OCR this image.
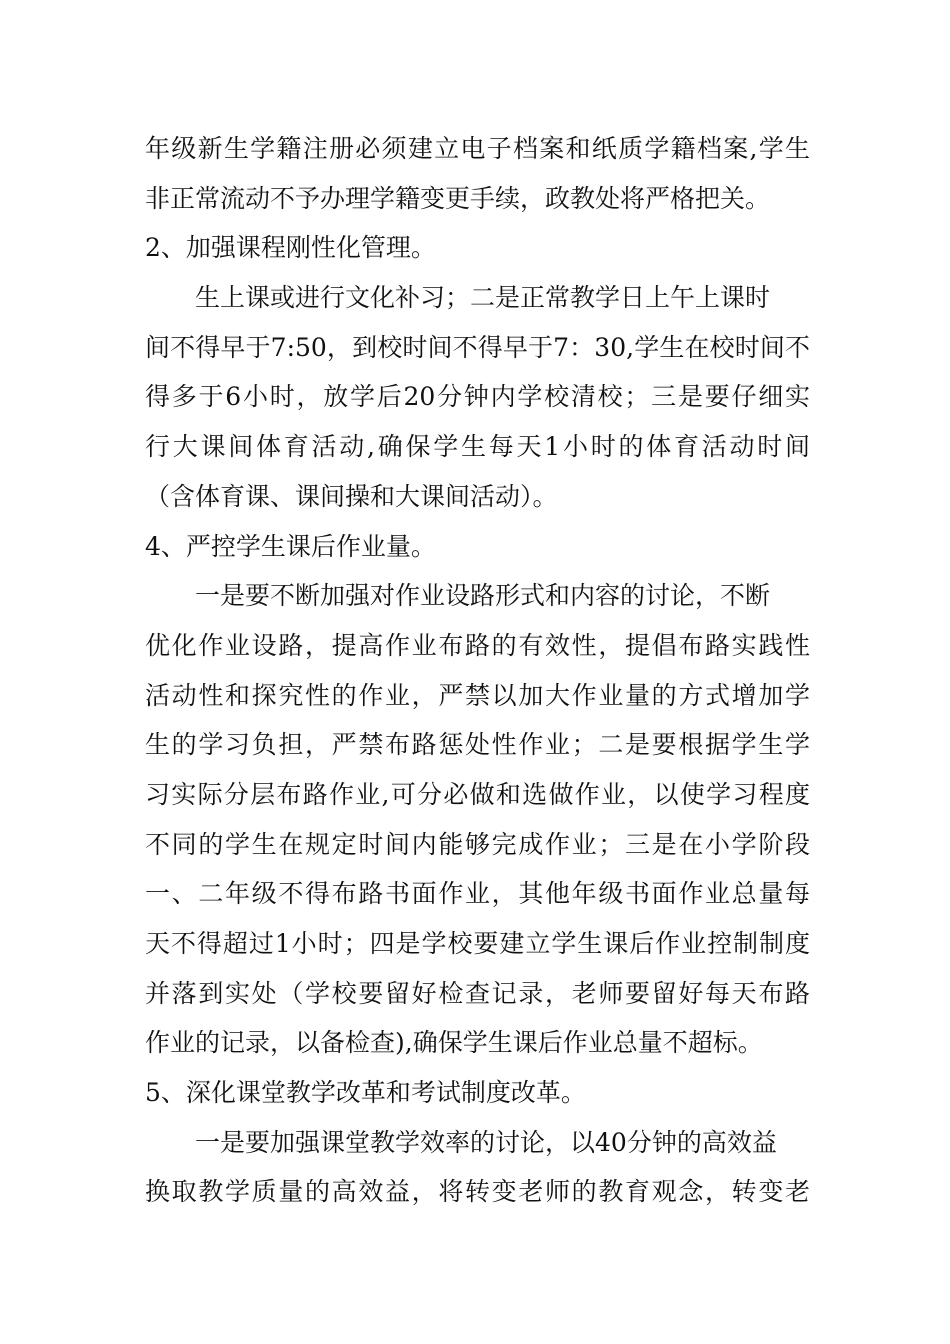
年级新生学籍注册必须建立电子档案和纸质学籍档案,学生
非正常流动不予办理学籍变更手续，政教处将严格把关。
2、加强课程刚性化管理。
生上课或进行文化补习；二是正常教学日上午上课时
间不得早于7:50，到校时间不得早于7：30,学生在校时间不
得多于6小时，放学后20分钟内学校清校；三是要仔细实
行大课间体育活动,确保学生每天1小时的体育活动时间
（含体育课、课间操和大课间活动）。
4、严控学生课后作业量。
一是要不断加强对作业设路形式和内容的讨论，不断
优化作业设路，提高作业布路的有效性，提倡布路实践性
活动性和探究性的作业，严禁以加大作业量的方式增加学
生的学习负担，严禁布路惩处性作业；二是要根据学生学
习实际分层布路作业,可分必做和选做作业，以使学习程度
不同的学生在规定时间内能够完成作业；三是在小学阶段
一、二年级不得布路书面作业，其他年级书面作业总量每
天不得超过1小时；四是学校要建立学生课后作业控制制度
并落到实处（学校要留好检查记录，老师要留好每天布路
作业的记录，以备检查),确保学生课后作业总量不超标。
5、深化课堂教学改革和考试制度改革。
一是要加强课堂教学效率的讨论，以40分钟的高效益
换取教学质量的高效益，将转变老师的教育观念，转变老
